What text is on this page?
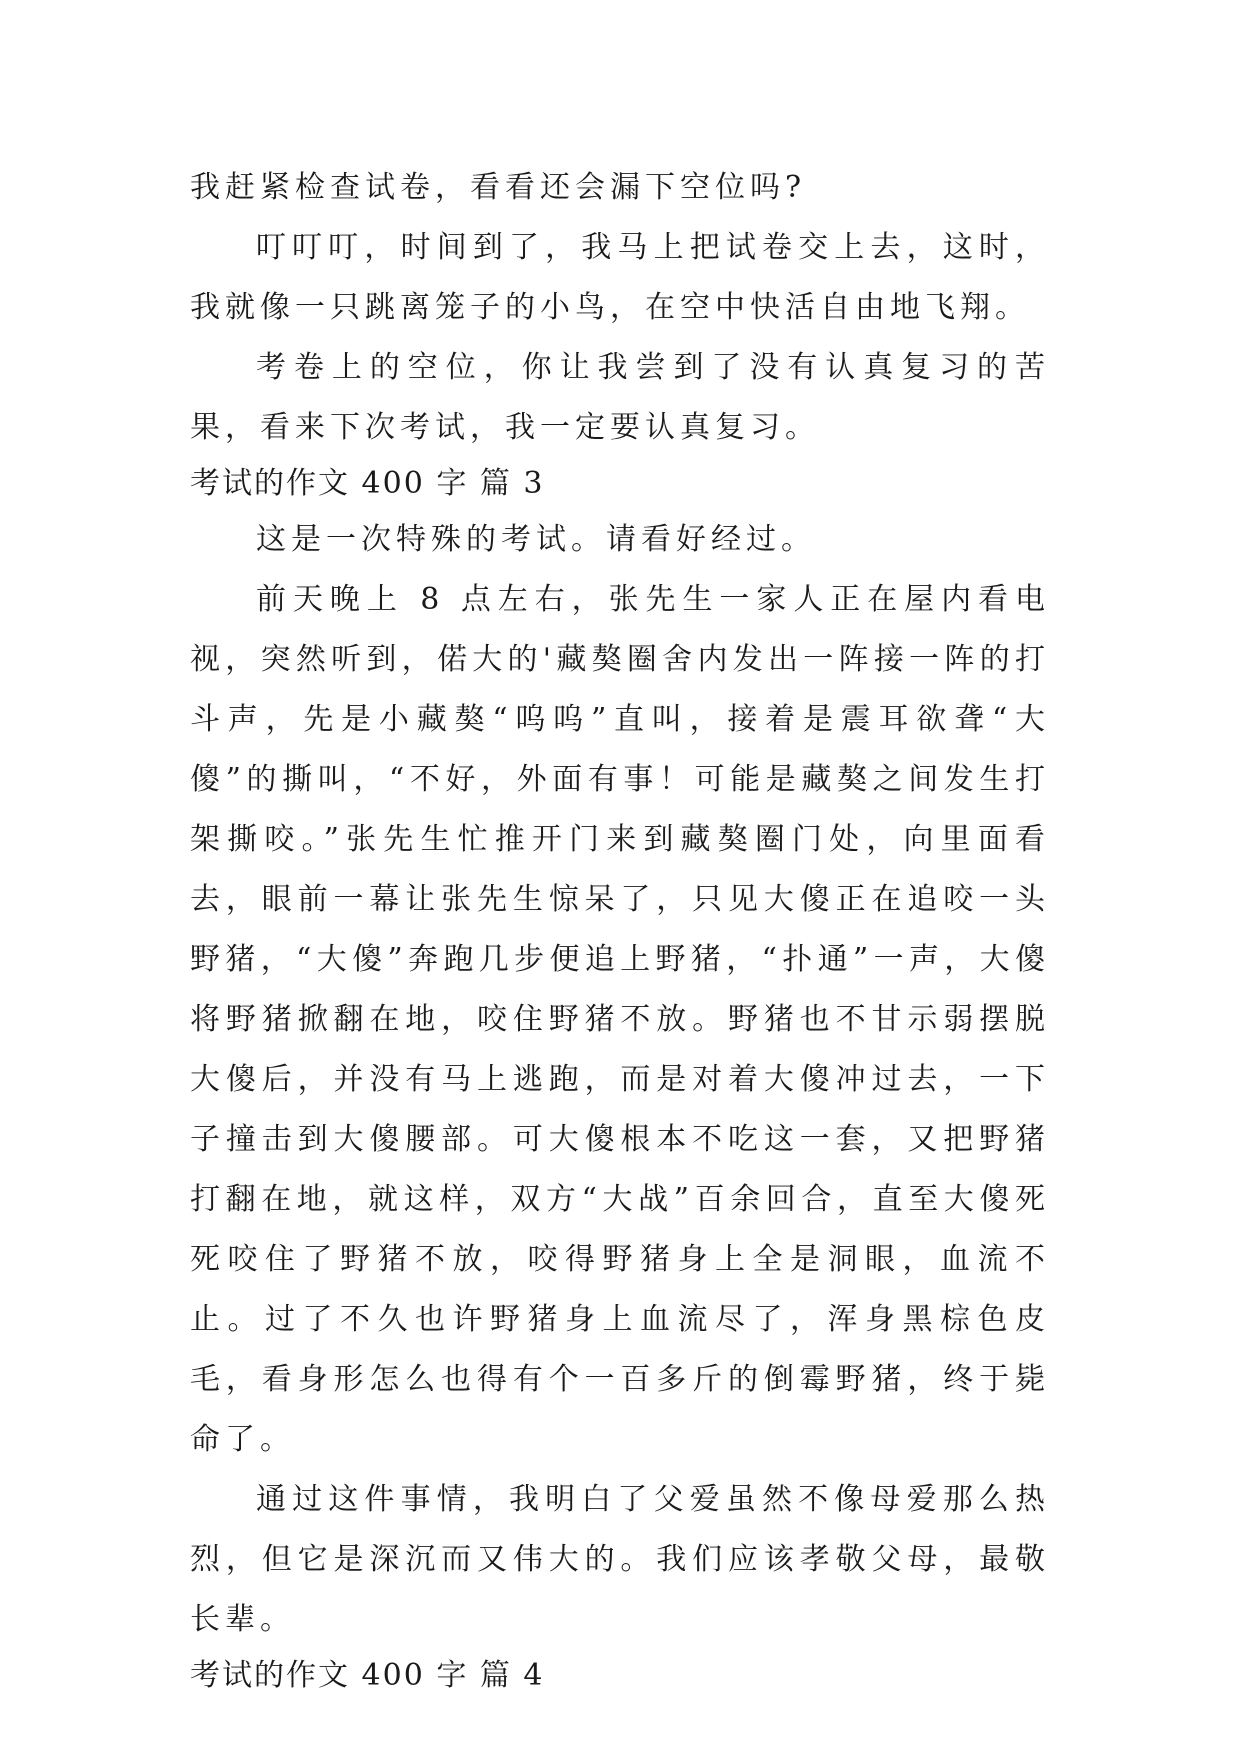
我赶紧检查试卷，看看还会漏下空位吗?

叮叮叮，时间到了，我马上把试卷交上去，这时，我就像一只跳离笼子的小鸟，在空中快活自由地飞翔。

考卷上的空位，你让我尝到了没有认真复习的苦果，看来下次考试，我一定要认真复习。

考试的作文 400 字 篇 3

这是一次特殊的考试。请看好经过。

前天晚上 8 点左右，张先生一家人正在屋内看电视，突然听到，偌大的'藏獒圈舍内发出一阵接一阵的打斗声，先是小藏獒“呜呜”直叫，接着是震耳欲聋“大傻”的撕叫，“不好，外面有事！可能是藏獒之间发生打架撕咬。”张先生忙推开门来到藏獒圈门处，向里面看去，眼前一幕让张先生惊呆了，只见大傻正在追咬一头野猪，“大傻”奔跑几步便追上野猪，“扑通”一声，大傻将野猪掀翻在地，咬住野猪不放。野猪也不甘示弱摆脱大傻后，并没有马上逃跑，而是对着大傻冲过去，一下子撞击到大傻腰部。可大傻根本不吃这一套，又把野猪打翻在地，就这样，双方“大战”百余回合，直至大傻死死咬住了野猪不放，咬得野猪身上全是洞眼，血流不止。过了不久也许野猪身上血流尽了，浑身黑棕色皮毛，看身形怎么也得有个一百多斤的倒霉野猪，终于毙命了。

通过这件事情，我明白了父爱虽然不像母爱那么热烈，但它是深沉而又伟大的。我们应该孝敬父母，最敬长辈。

考试的作文 400 字 篇 4
